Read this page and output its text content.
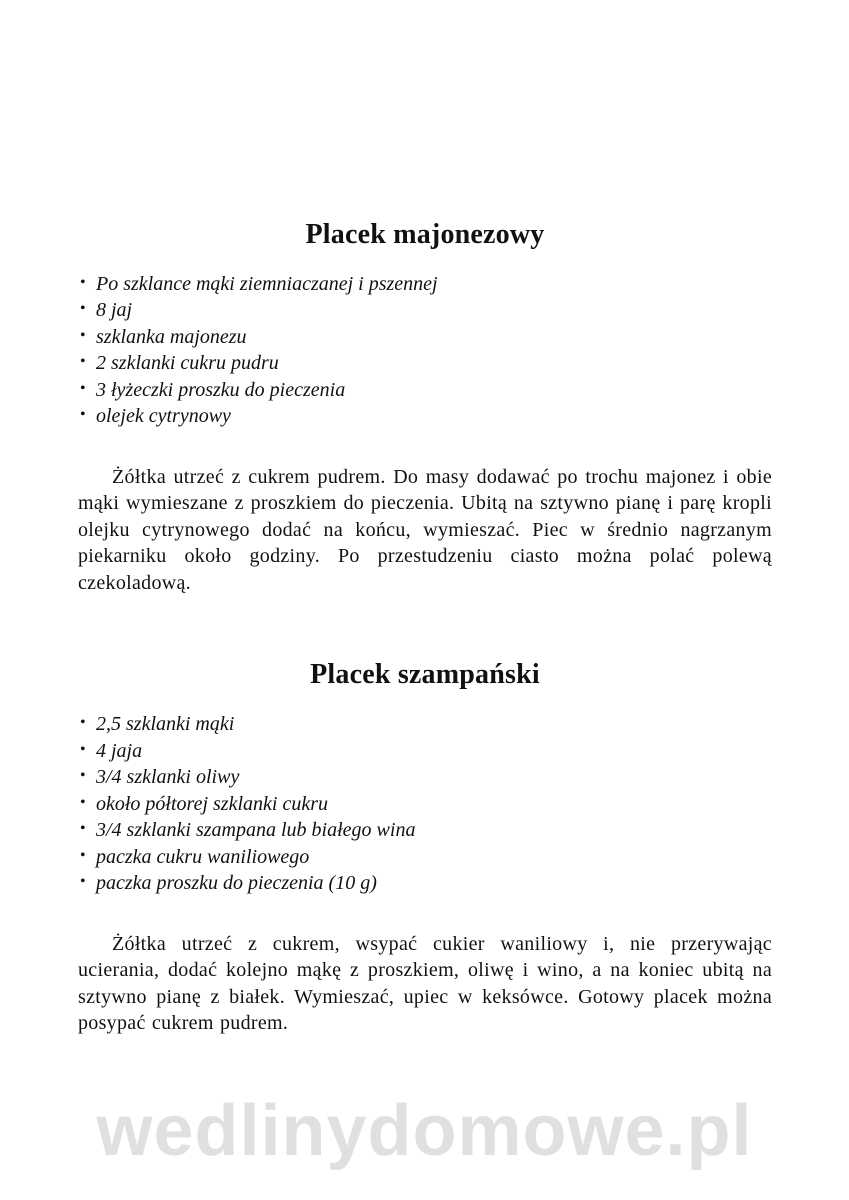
Placek majonezowy
• Po szklance mąki ziemniaczanej i pszennej
• 8 jaj
• szklanka majonezu
• 2 szklanki cukru pudru
• 3 łyżeczki proszku do pieczenia
• olejek cytrynowy

Żółtka utrzeć z cukrem pudrem. Do masy dodawać po trochu majonez i obie mąki wymieszane z proszkiem do pieczenia. Ubitą na sztywno pianę i parę kropli olejku cytrynowego dodać na końcu, wymieszać. Piec w średnio nagrzanym piekarniku około godziny. Po przestudzeniu ciasto można polać polewą czekoladową.

Placek szampański
• 2,5 szklanki mąki
• 4 jaja
• 3/4 szklanki oliwy
• około półtorej szklanki cukru
• 3/4 szklanki szampana lub białego wina
• paczka cukru waniliowego
• paczka proszku do pieczenia (10 g)

Żółtka utrzeć z cukrem, wsypać cukier waniliowy i, nie przerywając ucierania, dodać kolejno mąkę z proszkiem, oliwę i wino, a na koniec ubitą na sztywno pianę z białek. Wymieszać, upiec w keksówce. Gotowy placek można posypać cukrem pudrem.

wedlinydomowe.pl
